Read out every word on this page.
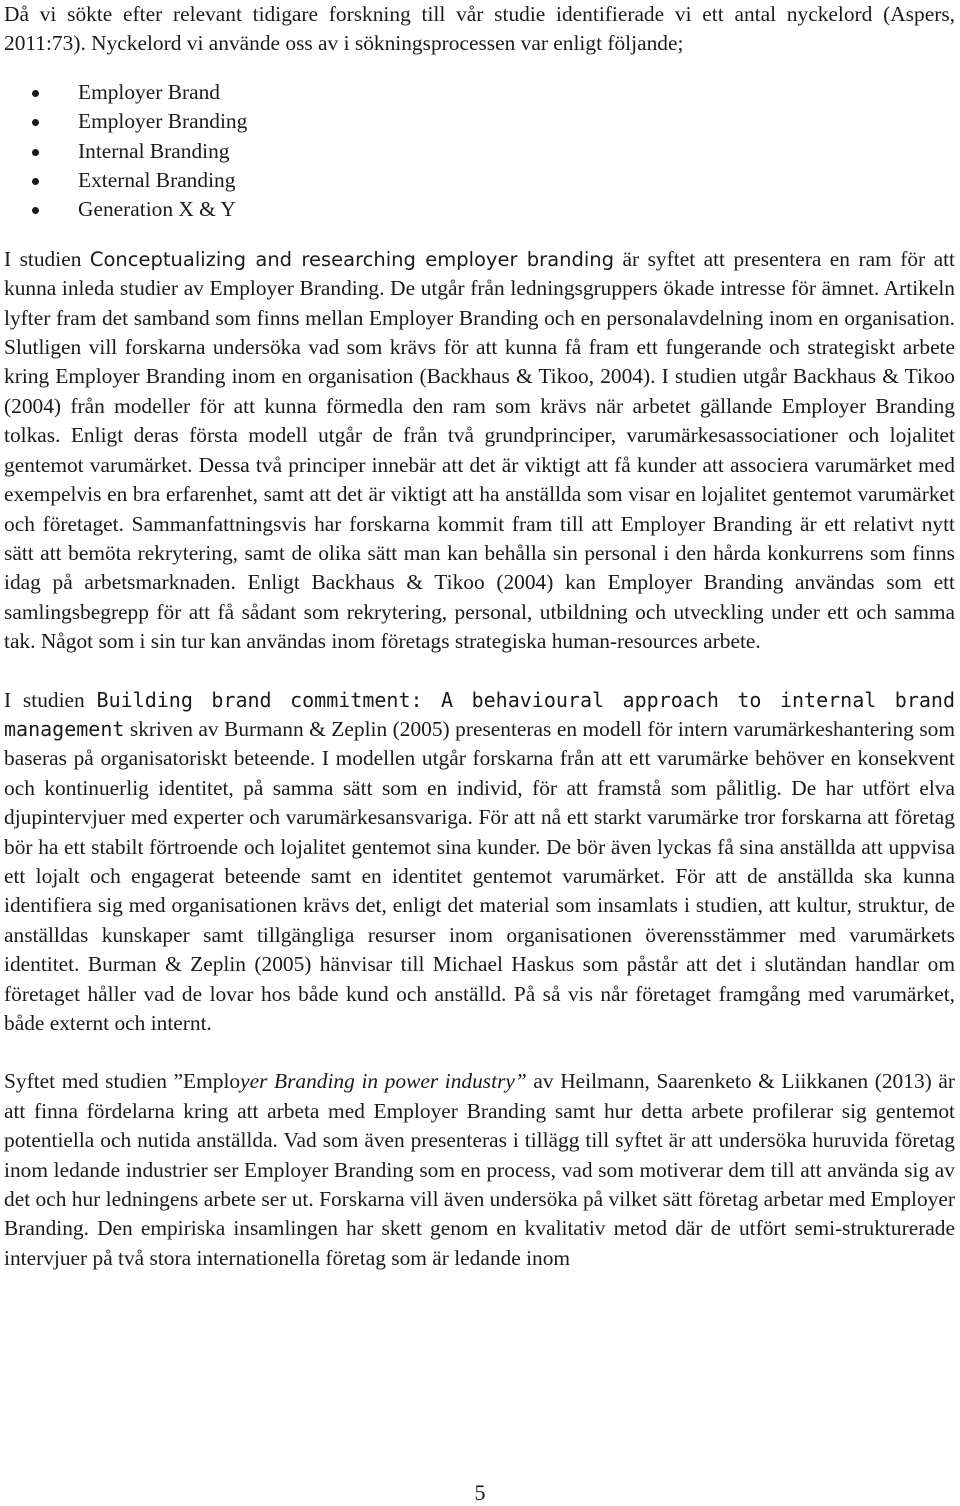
Då vi sökte efter relevant tidigare forskning till vår studie identifierade vi ett antal nyckelord (Aspers, 2011:73). Nyckelord vi använde oss av i sökningsprocessen var enligt följande;

Employer Brand
Employer Branding
Internal Branding
External Branding
Generation X & Y

I studien Conceptualizing and researching employer branding är syftet att presentera en ram för att kunna inleda studier av Employer Branding. De utgår från ledningsgruppers ökade intresse för ämnet. Artikeln lyfter fram det samband som finns mellan Employer Branding och en personalavdelning inom en organisation. Slutligen vill forskarna undersöka vad som krävs för att kunna få fram ett fungerande och strategiskt arbete kring Employer Branding inom en organisation (Backhaus & Tikoo, 2004). I studien utgår Backhaus & Tikoo (2004) från modeller för att kunna förmedla den ram som krävs när arbetet gällande Employer Branding tolkas. Enligt deras första modell utgår de från två grundprinciper, varumärkesassociationer och lojalitet gentemot varumärket. Dessa två principer innebär att det är viktigt att få kunder att associera varumärket med exempelvis en bra erfarenhet, samt att det är viktigt att ha anställda som visar en lojalitet gentemot varumärket och företaget. Sammanfattningsvis har forskarna kommit fram till att Employer Branding är ett relativt nytt sätt att bemöta rekrytering, samt de olika sätt man kan behålla sin personal i den hårda konkurrens som finns idag på arbetsmarknaden. Enligt Backhaus & Tikoo (2004) kan Employer Branding användas som ett samlingsbegrepp för att få sådant som rekrytering, personal, utbildning och utveckling under ett och samma tak. Något som i sin tur kan användas inom företags strategiska human-resources arbete.

I studien Building brand commitment: A behavioural approach to internal brand management skriven av Burmann & Zeplin (2005) presenteras en modell för intern varumärkeshantering som baseras på organisatoriskt beteende. I modellen utgår forskarna från att ett varumärke behöver en konsekvent och kontinuerlig identitet, på samma sätt som en individ, för att framstå som pålitlig. De har utfört elva djupintervjuer med experter och varumärkesansvariga. För att nå ett starkt varumärke tror forskarna att företag bör ha ett stabilt förtroende och lojalitet gentemot sina kunder. De bör även lyckas få sina anställda att uppvisa ett lojalt och engagerat beteende samt en identitet gentemot varumärket. För att de anställda ska kunna identifiera sig med organisationen krävs det, enligt det material som insamlats i studien, att kultur, struktur, de anställdas kunskaper samt tillgängliga resurser inom organisationen överensstämmer med varumärkets identitet. Burman & Zeplin (2005) hänvisar till Michael Haskus som påstår att det i slutändan handlar om företaget håller vad de lovar hos både kund och anställd. På så vis når företaget framgång med varumärket, både externt och internt.

Syftet med studien ”Employer Branding in power industry” av Heilmann, Saarenketo & Liikkanen (2013) är att finna fördelarna kring att arbeta med Employer Branding samt hur detta arbete profilerar sig gentemot potentiella och nutida anställda. Vad som även presenteras i tillägg till syftet är att undersöka huruvida företag inom ledande industrier ser Employer Branding som en process, vad som motiverar dem till att använda sig av det och hur ledningens arbete ser ut. Forskarna vill även undersöka på vilket sätt företag arbetar med Employer Branding. Den empiriska insamlingen har skett genom en kvalitativ metod där de utfört semi-strukturerade intervjuer på två stora internationella företag som är ledande inom

5
